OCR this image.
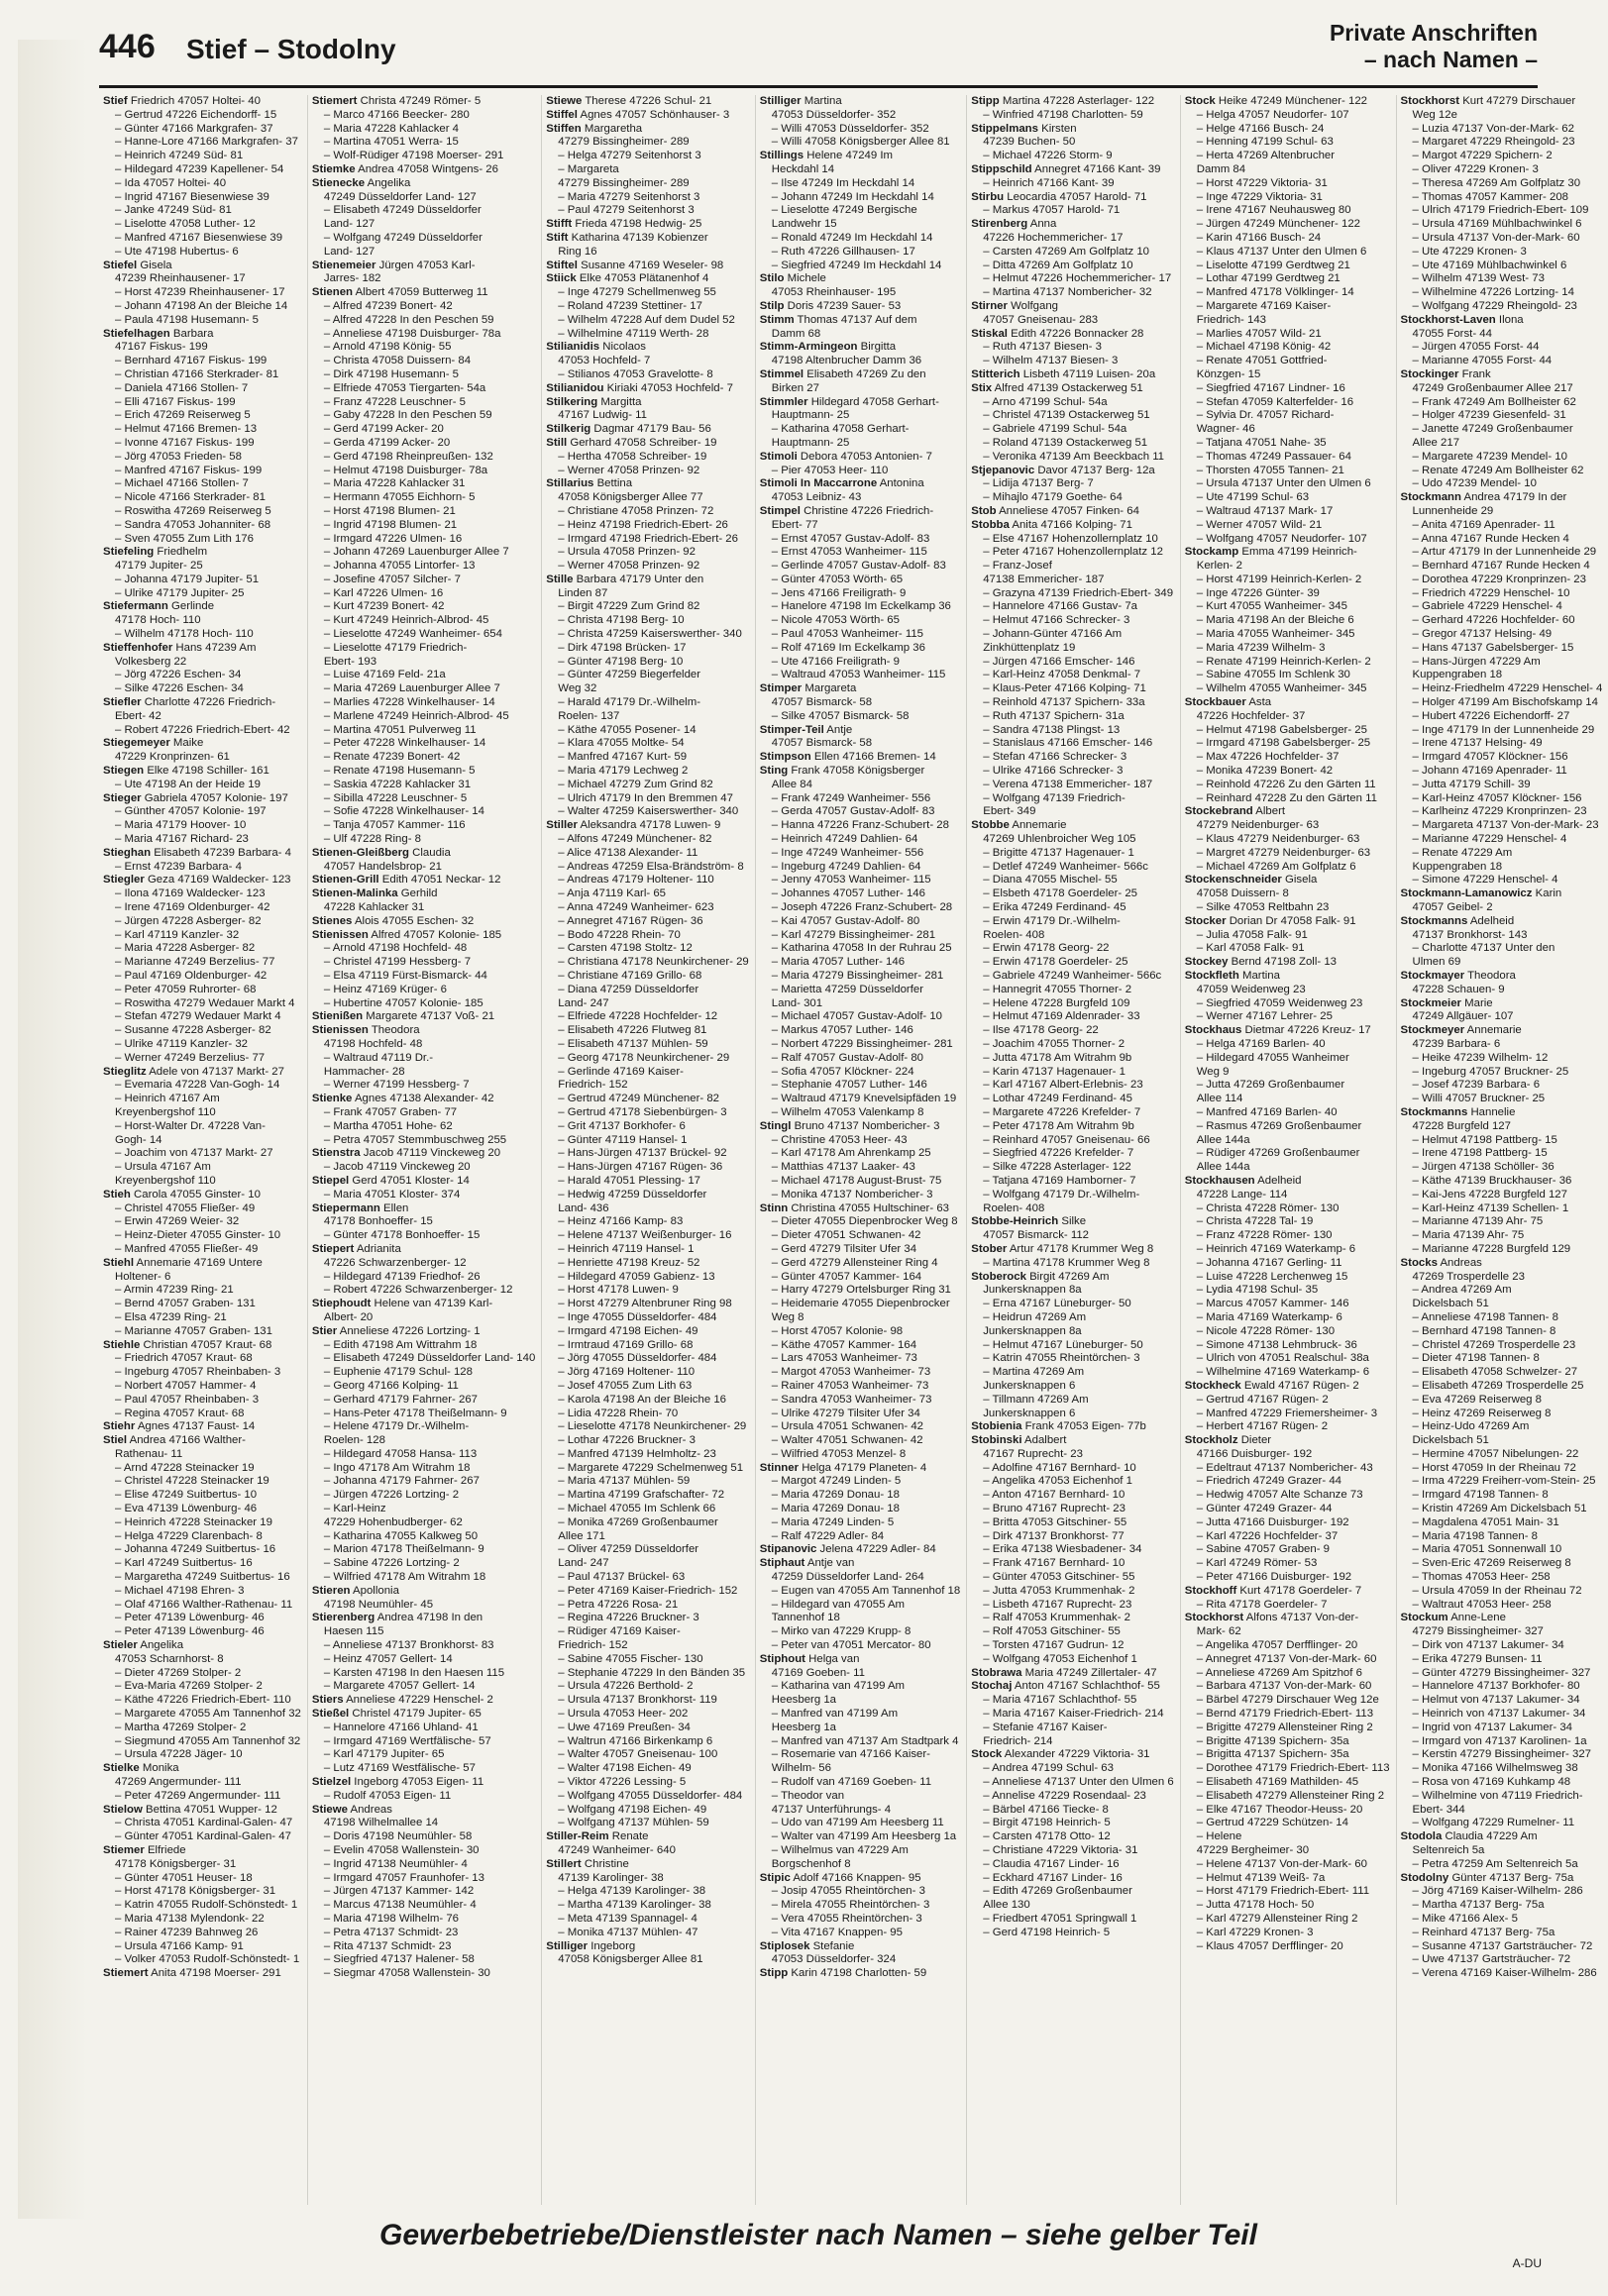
446 Stief – Stodolny
Private Anschriften
– nach Namen –
Stief Friedrich 47057 Holtei- 40
– Gertrud 47226 Eichendorff- 15
– Günter 47166 Markgrafen- 37
– Hanne-Lore 47166 Markgrafen- 37
– Heinrich 47249 Süd- 81
– Hildegard 47239 Kapellener- 54
– Ida 47057 Holtei- 40
– Ingrid 47167 Biesenwiese 39
– Janke 47249 Süd- 81
– Liselotte 47058 Luther- 12
– Manfred 47167 Biesenwiese 39
– Ute 47198 Hubertus- 6
Stiefel Gisela
47239 Rheinhausener- 17
– Horst 47239 Rheinhausener- 17
– Johann 47198 An der Bleiche 14
– Paula 47198 Husemann- 5
Stiefelhagen Barbara
47167 Fiskus- 199
– Bernhard 47167 Fiskus- 199
– Christian 47166 Sterkrader- 81
– Daniela 47166 Stollen- 7
– Elli 47167 Fiskus- 199
– Erich 47269 Reiserweg 5
– Helmut 47166 Bremen- 13
– Ivonne 47167 Fiskus- 199
– Jörg 47053 Frieden- 58
– Manfred 47167 Fiskus- 199
– Michael 47166 Stollen- 7
– Nicole 47166 Sterkrader- 81
– Roswitha 47269 Reiserweg 5
– Sandra 47053 Johanniter- 68
– Sven 47055 Zum Lith 176
Stiefeling Friedhelm
47179 Jupiter- 25
– Johanna 47179 Jupiter- 51
– Ulrike 47179 Jupiter- 25
Stiefermann Gerlinde
47178 Hoch- 110
– Wilhelm 47178 Hoch- 110
Stieffenhofer Hans 47239 Am
Volkesberg 22
– Jörg 47226 Eschen- 34
– Silke 47226 Eschen- 34
Stiefler Charlotte 47226 Friedrich-
Ebert- 42
– Robert 47226 Friedrich-Ebert- 42
Stiegemeyer Maike
47229 Kronprinzen- 61
Stiegen Elke 47198 Schiller- 161
– Ute 47198 An der Heide 19
Stieger Gabriela 47057 Kolonie- 197
– Günther 47057 Kolonie- 197
– Maria 47179 Hoover- 10
– Maria 47167 Richard- 23
Stieghan Elisabeth 47239 Barbara- 4
– Ernst 47239 Barbara- 4
Stiegler Geza 47169 Waldecker- 123
– Ilona 47169 Waldecker- 123
– Irene 47169 Oldenburger- 42
– Jürgen 47228 Asberger- 82
– Karl 47119 Kanzler- 32
– Maria 47228 Asberger- 82
– Marianne 47249 Berzelius- 77
– Paul 47169 Oldenburger- 42
– Peter 47059 Ruhrorter- 68
– Roswitha 47279 Wedauer Markt 4
– Stefan 47279 Wedauer Markt 4
– Susanne 47228 Asberger- 82
– Ulrike 47119 Kanzler- 32
– Werner 47249 Berzelius- 77
Stieglitz Adele von 47137 Markt- 27
– Evemaria 47228 Van-Gogh- 14
– Heinrich 47167 Am
Kreyenbergshof 110
– Horst-Walter Dr. 47228 Van-
Gogh- 14
– Joachim von 47137 Markt- 27
– Ursula 47167 Am
Kreyenbergshof 110
Stieh Carola 47055 Ginster- 10
– Christel 47055 Fließer- 49
– Erwin 47269 Weier- 32
– Heinz-Dieter 47055 Ginster- 10
– Manfred 47055 Fließer- 49
Stiehl Annemarie 47169 Untere
Holtener- 6
– Armin 47239 Ring- 21
– Bernd 47057 Graben- 131
– Elsa 47239 Ring- 21
– Marianne 47057 Graben- 131
Stiehle Christian 47057 Kraut- 68
– Friedrich 47057 Kraut- 68
– Ingeburg 47057 Rheinbaben- 3
– Norbert 47057 Hammer- 4
– Paul 47057 Rheinbaben- 3
– Regina 47057 Kraut- 68
Stiehr Agnes 47137 Faust- 14
Stiel Andrea 47166 Walther-
Rathenau- 11
– Arnd 47228 Steinacker 19
– Christel 47228 Steinacker 19
– Elise 47249 Suitbertus- 10
– Eva 47139 Löwenburg- 46
– Heinrich 47228 Steinacker 19
– Helga 47229 Clarenbach- 8
– Johanna 47249 Suitbertus- 16
– Karl 47249 Suitbertus- 16
– Margaretha 47249 Suitbertus- 16
– Michael 47198 Ehren- 3
– Olaf 47166 Walther-Rathenau- 11
– Peter 47139 Löwenburg- 46
– Peter 47139 Löwenburg- 46
Stieler Angelika
47053 Scharnhorst- 8
– Dieter 47269 Stolper- 2
– Eva-Maria 47269 Stolper- 2
– Käthe 47226 Friedrich-Ebert- 110
– Margarete 47055 Am Tannenhof 32
– Martha 47269 Stolper- 2
– Siegmund 47055 Am Tannenhof 32
– Ursula 47228 Jäger- 10
Stielke Monika
47269 Angermunder- 111
– Peter 47269 Angermunder- 111
Stielow Bettina 47051 Wupper- 12
– Christa 47051 Kardinal-Galen- 47
– Günter 47051 Kardinal-Galen- 47
Stiemer Elfriede
47178 Königsberger- 31
– Günter 47051 Heuser- 18
– Horst 47178 Königsberger- 31
– Katrin 47055 Rudolf-Schönstedt- 1
– Maria 47138 Mylendonk- 22
– Rainer 47239 Bahnweg 26
– Ursula 47166 Kamp- 91
– Volker 47053 Rudolf-Schönstedt- 1
Stiemert Anita 47198 Moerser- 291
Stiemert Christa 47249 Römer- 5
– Marco 47166 Beecker- 280
– Maria 47228 Kahlacker 4
– Martina 47051 Werra- 15
– Wolf-Rüdiger 47198 Moerser- 291
Stiemke Andrea 47058 Wintgens- 26
Stienecke Angelika
47249 Düsseldorfer Land- 127
– Elisabeth 47249 Düsseldorfer
Land- 127
– Wolfgang 47249 Düsseldorfer
Land- 127
Stienemeier Jürgen 47053 Karl-
Jarres- 182
Stienen Albert 47059 Butterweg 11
– Alfred 47239 Bonert- 42
– Alfred 47228 In den Peschen 59
– Anneliese 47198 Duisburger- 78a
– Arnold 47198 König- 55
– Christa 47058 Duissern- 84
– Dirk 47198 Husemann- 5
– Elfriede 47053 Tiergarten- 54a
– Franz 47228 Leuschner- 5
– Gaby 47228 In den Peschen 59
– Gerd 47199 Acker- 20
– Gerda 47199 Acker- 20
– Gerd 47198 Rheinpreußen- 132
– Helmut 47198 Duisburger- 78a
– Maria 47228 Kahlacker 31
– Hermann 47055 Eichhorn- 5
– Horst 47198 Blumen- 21
– Ingrid 47198 Blumen- 21
– Irmgard 47226 Ulmen- 16
– Johann 47269 Lauenburger Allee 7
– Johanna 47055 Lintorfer- 13
– Josefine 47057 Silcher- 7
– Karl 47226 Ulmen- 16
– Kurt 47239 Bonert- 42
– Kurt 47249 Heinrich-Albrod- 45
– Lieselotte 47249 Wanheimer- 654
– Lieselotte 47179 Friedrich-
Ebert- 193
– Luise 47169 Feld- 21a
– Maria 47269 Lauenburger Allee 7
– Marlies 47228 Winkelhauser- 14
– Marlene 47249 Heinrich-Albrod- 45
– Martina 47051 Pulverweg 11
– Peter 47228 Winkelhauser- 14
– Renate 47239 Bonert- 42
– Renate 47198 Husemann- 5
– Saskia 47228 Kahlacker 31
– Sibilla 47228 Leuschner- 5
– Sofie 47228 Winkelhauser- 14
– Tanja 47057 Kammer- 116
– Ulf 47228 Ring- 8
Stienen-Gleißberg Claudia
47057 Handelsbrop- 21
Stienen-Grill Edith 47051 Neckar- 12
Stienen-Malinka Gerhild
47228 Kahlacker 31
Stienes Alois 47055 Eschen- 32
Stienissen Alfred 47057 Kolonie- 185
– Arnold 47198 Hochfeld- 48
– Christel 47199 Hessberg- 7
– Elsa 47119 Fürst-Bismarck- 44
– Heinz 47169 Krüger- 6
– Hubertine 47057 Kolonie- 185
Stienißen Margarete 47137 Voß- 21
Stienissen Theodora
47198 Hochfeld- 48
– Waltraud 47119 Dr.-
Hammacher- 28
– Werner 47199 Hessberg- 7
Stienke Agnes 47138 Alexander- 42
– Frank 47057 Graben- 77
– Martha 47051 Hohe- 62
– Petra 47057 Stemmbuschweg 255
Stienstra Jacob 47119 Vinckeweg 20
– Jacob 47119 Vinckeweg 20
Stiepel Gerd 47051 Kloster- 14
– Maria 47051 Kloster- 374
Stiepermann Ellen
47178 Bonhoeffer- 15
– Günter 47178 Bonhoeffer- 15
Stiepert Adrianita
47226 Schwarzenberger- 12
– Hildegard 47139 Friedhof- 26
– Robert 47226 Schwarzenberger- 12
Stiephoudt Helene van 47139 Karl-
Albert- 20
Stier Anneliese 47226 Lortzing- 1
– Edith 47198 Am Wittrahm 18
– Elisabeth 47249 Düsseldorfer Land- 140
– Euphenie 47179 Schul- 128
– Georg 47166 Kolping- 11
– Gerhard 47179 Fahrner- 267
– Hans-Peter 47178 Theißelmann- 9
– Helene 47179 Dr.-Wilhelm-
Roelen- 128
– Hildegard 47058 Hansa- 113
– Ingo 47178 Am Witrahm 18
– Johanna 47179 Fahrner- 267
– Jürgen 47226 Lortzing- 2
– Karl-Heinz
47229 Hohenbudberger- 62
– Katharina 47055 Kalkweg 50
– Marion 47178 Theißelmann- 9
– Sabine 47226 Lortzing- 2
– Wilfried 47178 Am Witrahm 18
Stieren Apollonia
47198 Neumühler- 45
Stierenberg Andrea 47198 In den
Haesen 115
– Anneliese 47137 Bronkhorst- 83
– Heinz 47057 Gellert- 14
– Karsten 47198 In den Haesen 115
– Margarete 47057 Gellert- 14
Stiers Anneliese 47229 Henschel- 2
Stießel Christel 47179 Jupiter- 65
– Hannelore 47166 Uhland- 41
– Irmgard 47169 Wertfälische- 57
– Karl 47179 Jupiter- 65
– Lutz 47169 Westfälische- 57
Stielzel Ingeborg 47053 Eigen- 11
– Rudolf 47053 Eigen- 11
Stiewe Andreas
47198 Wilhelmallee 14
– Doris 47198 Neumühler- 58
– Evelin 47058 Wallenstein- 30
– Ingrid 47138 Neumühler- 4
– Irmgard 47057 Fraunhofer- 13
– Jürgen 47137 Kammer- 142
– Marcus 47138 Neumühler- 4
– Maria 47198 Wilhelm- 76
– Petra 47137 Schmidt- 23
– Rita 47137 Schmidt- 23
– Siegfried 47137 Halener- 58
– Siegmar 47058 Wallenstein- 30
Stiewe Therese 47226 Schul- 21
Stiffel Agnes 47057 Schönhauser- 3
Stiffen Margaretha
47279 Bissingheimer- 289
– Helga 47279 Seitenhorst 3
– Margareta
47279 Bissingheimer- 289
– Maria 47279 Seitenhorst 3
– Paul 47279 Seitenhorst 3
Stifft Frieda 47198 Hedwig- 25
Stift Katharina 47139 Kobienzer
Ring 16
Stiftel Susanne 47169 Weseler- 98
Stiick Elke 47053 Plätanenhof 4
– Inge 47279 Schellmenweg 55
– Roland 47239 Stettiner- 17
– Wilhelm 47228 Auf dem Dudel 52
– Wilhelmine 47119 Werth- 28
Stilianidis Nicolaos
47053 Hochfeld- 7
– Stilianos 47053 Gravelotte- 8
Stilianidou Kiriaki 47053 Hochfeld- 7
Stilkering Margitta
47167 Ludwig- 11
Stilkerig Dagmar 47179 Bau- 56
Still Gerhard 47058 Schreiber- 19
– Hertha 47058 Schreiber- 19
– Werner 47058 Prinzen- 92
Stillarius Bettina
47058 Königsberger Allee 77
– Christiane 47058 Prinzen- 72
– Heinz 47198 Friedrich-Ebert- 26
– Irmgard 47198 Friedrich-Ebert- 26
– Ursula 47058 Prinzen- 92
– Werner 47058 Prinzen- 92
Stille Barbara 47179 Unter den
Linden 87
– Birgit 47229 Zum Grind 82
– Christa 47198 Berg- 10
– Christa 47259 Kaiserswerther- 340
– Dirk 47198 Brücken- 17
– Günter 47198 Berg- 10
– Günter 47259 Biegerfelder
Weg 32
– Harald 47179 Dr.-Wilhelm-
Roelen- 137
– Käthe 47055 Posener- 14
– Klara 47055 Moltke- 54
– Manfred 47167 Kurt- 59
– Maria 47179 Lechweg 2
– Michael 47279 Zum Grind 82
– Ulrich 47179 In den Bremmen 47
– Walter 47259 Kaiserswerther- 340
Stiller Aleksandra 47178 Luwen- 9
– Alfons 47249 Münchener- 82
– Alice 47138 Alexander- 11
– Andreas 47259 Elsa-Brändström- 8
– Andreas 47179 Holtener- 110
– Anja 47119 Karl- 65
– Anna 47249 Wanheimer- 623
– Annegret 47167 Rügen- 36
– Bodo 47228 Rhein- 70
– Carsten 47198 Stoltz- 12
– Christiana 47178 Neunkirchener- 29
– Christiane 47169 Grillo- 68
– Diana 47259 Düsseldorfer
Land- 247
– Elfriede 47228 Hochfelder- 12
– Elisabeth 47226 Flutweg 81
– Elisabeth 47137 Mühlen- 59
– Georg 47178 Neunkirchener- 29
– Gerlinde 47169 Kaiser-
Friedrich- 152
– Gertrud 47249 Münchener- 82
– Gertrud 47178 Siebenbürgen- 3
– Grit 47137 Borkhofer- 6
– Günter 47119 Hansel- 1
– Hans-Jürgen 47137 Brückel- 92
– Hans-Jürgen 47167 Rügen- 36
– Harald 47051 Plessing- 17
– Hedwig 47259 Düsseldorfer
Land- 436
– Heinz 47166 Kamp- 83
– Helene 47137 Weißenburger- 16
– Heinrich 47119 Hansel- 1
– Henriette 47198 Kreuz- 52
– Hildegard 47059 Gabienz- 13
– Horst 47178 Luwen- 9
– Horst 47279 Altenbruner Ring 98
– Inge 47055 Düsseldorfer- 484
– Irmgard 47198 Eichen- 49
– Irmtraud 47169 Grillo- 68
– Jörg 47055 Düsseldorfer- 484
– Jörg 47169 Holtener- 110
– Josef 47055 Zum Lith 63
– Karola 47198 An der Bleiche 16
– Lidia 47228 Rhein- 70
– Lieselotte 47178 Neunkirchener- 29
– Lothar 47226 Bruckner- 3
– Manfred 47139 Helmholtz- 23
– Margarete 47229 Schelmenweg 51
– Maria 47137 Mühlen- 59
– Martina 47199 Grafschafter- 72
– Michael 47055 Im Schlenk 66
– Monika 47269 Großenbaumer
Allee 171
– Oliver 47259 Düsseldorfer
Land- 247
– Paul 47137 Brückel- 63
– Peter 47169 Kaiser-Friedrich- 152
– Petra 47226 Rosa- 21
– Regina 47226 Bruckner- 3
– Rüdiger 47169 Kaiser-
Friedrich- 152
– Sabine 47055 Fischer- 130
– Stephanie 47229 In den Bänden 35
– Ursula 47226 Berthold- 2
– Ursula 47137 Bronkhorst- 119
– Ursula 47053 Heer- 202
– Uwe 47169 Preußen- 34
– Waltrun 47166 Birkenkamp 6
– Walter 47057 Gneisenau- 100
– Walter 47198 Eichen- 49
– Viktor 47226 Lessing- 5
– Wolfgang 47055 Düsseldorfer- 484
– Wolfgang 47198 Eichen- 49
– Wolfgang 47137 Mühlen- 59
Stiller-Reim Renate
47249 Wanheimer- 640
Stillert Christine
47139 Karolinger- 38
– Helga 47139 Karolinger- 38
– Martha 47139 Karolinger- 38
– Meta 47139 Spannagel- 4
– Monika 47137 Mühlen- 47
Stilliger Ingeborg
47058 Königsberger Allee 81
Stilliger Martina
47053 Düsseldorfer- 352
– Willi 47053 Düsseldorfer- 352
– Willi 47058 Königsberger Allee 81
Stillings Helene 47249 Im
Heckdahl 14
– Ilse 47249 Im Heckdahl 14
– Johann 47249 Im Heckdahl 14
– Lieselotte 47249 Bergische
Landwehr 15
– Ronald 47249 Im Heckdahl 14
– Ruth 47226 Gillhausen- 17
– Siegfried 47249 Im Heckdahl 14
Stilo Michele
47053 Rheinhauser- 195
Stilp Doris 47239 Sauer- 53
Stimm Thomas 47137 Auf dem
Damm 68
Stimm-Armingeon Birgitta
47198 Altenbrucher Damm 36
Stimmel Elisabeth 47269 Zu den
Birken 27
Stimmler Hildegard 47058 Gerhart-
Hauptmann- 25
– Katharina 47058 Gerhart-
Hauptmann- 25
Stimoli Debora 47053 Antonien- 7
– Pier 47053 Heer- 110
Stimoli In Maccarrone Antonina
47053 Leibniz- 43
Stimpel Christine 47226 Friedrich-
Ebert- 77
– Ernst 47057 Gustav-Adolf- 83
– Ernst 47053 Wanheimer- 115
– Gerlinde 47057 Gustav-Adolf- 83
– Günter 47053 Wörth- 65
– Jens 47166 Freiligrath- 9
– Hanelore 47198 Im Eckelkamp 36
– Nicole 47053 Wörth- 65
– Paul 47053 Wanheimer- 115
– Rolf 47169 Im Eckelkamp 36
– Ute 47166 Freiligrath- 9
– Waltraud 47053 Wanheimer- 115
Stimper Margareta
47057 Bismarck- 58
– Silke 47057 Bismarck- 58
Stimper-Teil Antje
47057 Bismarck- 58
Stimpson Ellen 47166 Bremen- 14
Sting Frank 47058 Königsberger
Allee 84
– Frank 47249 Wanheimer- 556
– Gerda 47057 Gustav-Adolf- 83
– Hanna 47226 Franz-Schubert- 28
– Heinrich 47249 Dahlien- 64
– Inge 47249 Wanheimer- 556
– Ingeburg 47249 Dahlien- 64
– Jenny 47053 Wanheimer- 115
– Johannes 47057 Luther- 146
– Joseph 47226 Franz-Schubert- 28
– Kai 47057 Gustav-Adolf- 80
– Karl 47279 Bissingheimer- 281
– Katharina 47058 In der Ruhrau 25
– Maria 47057 Luther- 146
– Maria 47279 Bissingheimer- 281
– Marietta 47259 Düsseldorfer
Land- 301
– Michael 47057 Gustav-Adolf- 10
– Markus 47057 Luther- 146
– Norbert 47229 Bissingheimer- 281
– Ralf 47057 Gustav-Adolf- 80
– Sofia 47057 Klöckner- 224
– Stephanie 47057 Luther- 146
– Waltraud 47179 Knevelsipfäden 19
– Wilhelm 47053 Valenkamp 8
Stingl Bruno 47137 Nombericher- 3
– Christine 47053 Heer- 43
– Karl 47178 Am Ahrenkamp 25
– Matthias 47137 Laaker- 43
– Michael 47178 August-Brust- 75
– Monika 47137 Nombericher- 3
Stinn Christina 47055 Hultschiner- 63
– Dieter 47055 Diepenbrocker Weg 8
– Dieter 47051 Schwanen- 42
– Gerd 47279 Tilsiter Ufer 34
– Gerd 47279 Allensteiner Ring 4
– Günter 47057 Kammer- 164
– Harry 47279 Ortelsburger Ring 31
– Heidemarie 47055 Diepenbrocker
Weg 8
– Horst 47057 Kolonie- 98
– Käthe 47057 Kammer- 164
– Lars 47053 Wanheimer- 73
– Margot 47053 Wanheimer- 73
– Rainer 47053 Wanheimer- 73
– Sandra 47053 Wanheimer- 73
– Ulrike 47279 Tilsiter Ufer 34
– Ursula 47051 Schwanen- 42
– Walter 47051 Schwanen- 42
– Wilfried 47053 Menzel- 8
Stinner Helga 47179 Planeten- 4
– Margot 47249 Linden- 5
– Maria 47269 Donau- 18
– Maria 47269 Donau- 18
– Maria 47249 Linden- 5
– Ralf 47229 Adler- 84
Stipanovic Jelena 47229 Adler- 84
Stiphaut Antje van
47259 Düsseldorfer Land- 264
– Eugen van 47055 Am Tannenhof 18
– Hildegard van 47055 Am
Tannenhof 18
– Mirko van 47229 Krupp- 8
– Peter van 47051 Mercator- 80
Stiphout Helga van
47169 Goeben- 11
– Katharina van 47199 Am
Heesberg 1a
– Manfred van 47199 Am
Heesberg 1a
– Manfred van 47137 Am Stadtpark 4
– Rosemarie van 47166 Kaiser-
Wilhelm- 56
– Rudolf van 47169 Goeben- 11
– Theodor van
47137 Unterführungs- 4
– Udo van 47199 Am Heesberg 11
– Walter van 47199 Am Heesberg 1a
– Wilhelmus van 47229 Am
Borgschenhof 8
Stipic Adolf 47166 Knappen- 95
– Josip 47055 Rheintörchen- 3
– Mirela 47055 Rheintörchen- 3
– Vera 47055 Rheintörchen- 3
– Vita 47167 Knappen- 95
Stiplosek Stefanie
47053 Düsseldorfer- 324
Stipp Karin 47198 Charlotten- 59
Stipp Martina 47228 Asterlager- 122
– Winfried 47198 Charlotten- 59
Stippelmans Kirsten
47239 Buchen- 50
– Michael 47226 Storm- 9
Stippschild Annegret 47166 Kant- 39
– Heinrich 47166 Kant- 39
Stirbu Leocardia 47057 Harold- 71
– Markus 47057 Harold- 71
Stirenberg Anna
47226 Hochemmericher- 17
– Carsten 47269 Am Golfplatz 10
– Ditta 47269 Am Golfplatz 10
– Helmut 47226 Hochemmericher- 17
– Martina 47137 Nombericher- 32
Stirner Wolfgang
47057 Gneisenau- 283
Stiskal Edith 47226 Bonnacker 28
– Ruth 47137 Biesen- 3
– Wilhelm 47137 Biesen- 3
Stitterich Lisbeth 47119 Luisen- 20a
Stix Alfred 47139 Ostackerweg 51
– Arno 47199 Schul- 54a
– Christel 47139 Ostackerweg 51
– Gabriele 47199 Schul- 54a
– Roland 47139 Ostackerweg 51
– Veronika 47139 Am Beeckbach 11
Stjepanovic Davor 47137 Berg- 12a
– Lidija 47137 Berg- 7
– Mihajlo 47179 Goethe- 64
Stob Anneliese 47057 Finken- 64
Stobba Anita 47166 Kolping- 71
– Else 47167 Hohenzollernplatz 10
– Peter 47167 Hohenzollernplatz 12
– Franz-Josef
47138 Emmericher- 187
– Grazyna 47139 Friedrich-Ebert- 349
– Hannelore 47166 Gustav- 7a
– Helmut 47166 Schrecker- 3
– Johann-Günter 47166 Am
Zinkhüttenplatz 19
– Jürgen 47166 Emscher- 146
– Karl-Heinz 47058 Denkmal- 7
– Klaus-Peter 47166 Kolping- 71
– Reinhold 47137 Spichern- 33a
– Ruth 47137 Spichern- 31a
– Sandra 47138 Plingst- 13
– Stanislaus 47166 Emscher- 146
– Stefan 47166 Schrecker- 3
– Ulrike 47166 Schrecker- 3
– Verena 47138 Emmericher- 187
– Wolfgang 47139 Friedrich-
Ebert- 349
Stobbe Annemarie
47269 Uhlenbroicher Weg 105
– Brigitte 47137 Hagenauer- 1
– Detlef 47249 Wanheimer- 566c
– Diana 47055 Mischel- 55
– Elsbeth 47178 Goerdeler- 25
– Erika 47249 Ferdinand- 45
– Erwin 47179 Dr.-Wilhelm-
Roelen- 408
– Erwin 47178 Georg- 22
– Erwin 47178 Goerdeler- 25
– Gabriele 47249 Wanheimer- 566c
– Hannegrit 47055 Thorner- 2
– Helene 47228 Burgfeld 109
– Helmut 47169 Aldenrader- 33
– Ilse 47178 Georg- 22
– Joachim 47055 Thorner- 2
– Jutta 47178 Am Witrahm 9b
– Karin 47137 Hagenauer- 1
– Karl 47167 Albert-Erlebnis- 23
– Lothar 47249 Ferdinand- 45
– Margarete 47226 Krefelder- 7
– Peter 47178 Am Witrahm 9b
– Reinhard 47057 Gneisenau- 66
– Siegfried 47226 Krefelder- 7
– Silke 47228 Asterlager- 122
– Tatjana 47169 Hamborner- 7
– Wolfgang 47179 Dr.-Wilhelm-
Roelen- 408
Stobbe-Heinrich Silke
47057 Bismarck- 112
Stober Artur 47178 Krummer Weg 8
– Martina 47178 Krummer Weg 8
Stoberock Birgit 47269 Am
Junkersknappen 8a
– Erna 47167 Lüneburger- 50
– Heidrun 47269 Am
Junkersknappen 8a
– Helmut 47167 Lüneburger- 50
– Katrin 47055 Rheintörchen- 3
– Martina 47269 Am
Junkersknappen 6
– Tillmann 47269 Am
Junkersknappen 6
Stobienia Frank 47053 Eigen- 77b
Stobinski Adalbert
47167 Ruprecht- 23
– Adolfine 47167 Bernhard- 10
– Angelika 47053 Eichenhof 1
– Anton 47167 Bernhard- 10
– Bruno 47167 Ruprecht- 23
– Britta 47053 Gitschiner- 55
– Dirk 47137 Bronkhorst- 77
– Erika 47138 Wiesbadener- 34
– Frank 47167 Bernhard- 10
– Günter 47053 Gitschiner- 55
– Jutta 47053 Krummenhak- 2
– Lisbeth 47167 Ruprecht- 23
– Ralf 47053 Krummenhak- 2
– Rolf 47053 Gitschiner- 55
– Torsten 47167 Gudrun- 12
– Wolfgang 47053 Eichenhof 1
Stobrawa Maria 47249 Zillertaler- 47
Stochaj Anton 47167 Schlachthof- 55
– Maria 47167 Schlachthof- 55
– Maria 47167 Kaiser-Friedrich- 214
– Stefanie 47167 Kaiser-
Friedrich- 214
Stock Alexander 47229 Viktoria- 31
– Andrea 47199 Schul- 63
– Anneliese 47137 Unter den Ulmen 6
– Annelise 47229 Rosendaal- 23
– Bärbel 47166 Tiecke- 8
– Birgit 47198 Heinrich- 5
– Carsten 47178 Otto- 12
– Christiane 47229 Viktoria- 31
– Claudia 47167 Linder- 16
– Eckhard 47167 Linder- 16
– Edith 47269 Großenbaumer
Allee 130
– Friedbert 47051 Springwall 1
– Gerd 47198 Heinrich- 5
Stock Heike 47249 Münchener- 122
– Helga 47057 Neudorfer- 107
– Helge 47166 Busch- 24
– Henning 47199 Schul- 63
– Herta 47269 Altenbrucher
Damm 84
– Horst 47229 Viktoria- 31
– Inge 47229 Viktoria- 31
– Irene 47167 Neuhausweg 80
– Jürgen 47249 Münchener- 122
– Karin 47166 Busch- 24
– Klaus 47137 Unter den Ulmen 6
– Liselotte 47199 Gerdtweg 21
– Lothar 47199 Gerdtweg 21
– Manfred 47178 Völklinger- 14
– Margarete 47169 Kaiser-
Friedrich- 143
– Marlies 47057 Wild- 21
– Michael 47198 König- 42
– Renate 47051 Gottfried-
Könzgen- 15
– Siegfried 47167 Lindner- 16
– Stefan 47059 Kalterfelder- 16
– Sylvia Dr. 47057 Richard-
Wagner- 46
– Tatjana 47051 Nahe- 35
– Thomas 47249 Passauer- 64
– Thorsten 47055 Tannen- 21
– Ursula 47137 Unter den Ulmen 6
– Ute 47199 Schul- 63
– Waltraud 47137 Mark- 17
– Werner 47057 Wild- 21
– Wolfgang 47057 Neudorfer- 107
Stockamp Emma 47199 Heinrich-
Kerlen- 2
– Horst 47199 Heinrich-Kerlen- 2
– Inge 47226 Günter- 39
– Kurt 47055 Wanheimer- 345
– Maria 47198 An der Bleiche 6
– Maria 47055 Wanheimer- 345
– Maria 47239 Wilhelm- 3
– Renate 47199 Heinrich-Kerlen- 2
– Sabine 47055 Im Schlenk 30
– Wilhelm 47055 Wanheimer- 345
Stockbauer Asta
47226 Hochfelder- 37
– Helmut 47198 Gabelsberger- 25
– Irmgard 47198 Gabelsberger- 25
– Max 47226 Hochfelder- 37
– Monika 47239 Bonert- 42
– Reinhold 47226 Zu den Gärten 11
– Reinhard 47228 Zu den Gärten 11
Stockebrand Albert
47279 Neidenburger- 63
– Klaus 47279 Neidenburger- 63
– Margret 47279 Neidenburger- 63
– Michael 47269 Am Golfplatz 6
Stockenschneider Gisela
47058 Duissern- 8
– Silke 47053 Reltbahn 23
Stocker Dorian Dr 47058 Falk- 91
– Julia 47058 Falk- 91
– Karl 47058 Falk- 91
Stockey Bernd 47198 Zoll- 13
Stockfleth Martina
47059 Weidenweg 23
– Siegfried 47059 Weidenweg 23
– Werner 47167 Lehrer- 25
Stockhaus Dietmar 47226 Kreuz- 17
– Helga 47169 Barlen- 40
– Hildegard 47055 Wanheimer
Weg 9
– Jutta 47269 Großenbaumer
Allee 114
– Manfred 47169 Barlen- 40
– Rasmus 47269 Großenbaumer
Allee 144a
– Rüdiger 47269 Großenbaumer
Allee 144a
Stockhausen Adelheid
47228 Lange- 114
– Christa 47228 Römer- 130
– Christa 47228 Tal- 19
– Franz 47228 Römer- 130
– Heinrich 47169 Waterkamp- 6
– Johanna 47167 Gerling- 11
– Luise 47228 Lerchenweg 15
– Lydia 47198 Schul- 35
– Marcus 47057 Kammer- 146
– Maria 47169 Waterkamp- 6
– Nicole 47228 Römer- 130
– Simone 47138 Lehmbruck- 36
– Ulrich von 47051 Realschul- 38a
– Wilhelmine 47169 Waterkamp- 6
Stockheck Ewald 47167 Rügen- 2
– Gertrud 47167 Rügen- 2
– Manfred 47229 Friemersheimer- 3
– Herbert 47167 Rügen- 2
Stockholz Dieter
47166 Duisburger- 192
– Edeltraut 47137 Nombericher- 43
– Friedrich 47249 Grazer- 44
– Hedwig 47057 Alte Schanze 73
– Günter 47249 Grazer- 44
– Jutta 47166 Duisburger- 192
– Karl 47226 Hochfelder- 37
– Sabine 47057 Graben- 9
– Karl 47249 Römer- 53
– Peter 47166 Duisburger- 192
Stockhoff Kurt 47178 Goerdeler- 7
– Rita 47178 Goerdeler- 7
Stockhorst Alfons 47137 Von-der-
Mark- 62
– Angelika 47057 Derfflinger- 20
– Annegret 47137 Von-der-Mark- 60
– Anneliese 47269 Am Spitzhof 6
– Barbara 47137 Von-der-Mark- 60
– Bärbel 47279 Dirschauer Weg 12e
– Bernd 47179 Friedrich-Ebert- 113
– Brigitte 47279 Allensteiner Ring 2
– Brigitte 47139 Spichern- 35a
– Brigitta 47137 Spichern- 35a
– Dorothee 47179 Friedrich-Ebert- 113
– Elisabeth 47169 Mathilden- 45
– Elisabeth 47279 Allensteiner Ring 2
– Elke 47167 Theodor-Heuss- 20
– Gertrud 47229 Schützen- 14
– Helene
47229 Bergheimer- 30
– Helene 47137 Von-der-Mark- 60
– Helmut 47139 Weiß- 7a
– Horst 47179 Friedrich-Ebert- 111
– Jutta 47178 Hoch- 50
– Karl 47279 Allensteiner Ring 2
– Karl 47229 Kronen- 3
– Klaus 47057 Derfflinger- 20
Stockhorst Kurt 47279 Dirschauer
Weg 12e
– Luzia 47137 Von-der-Mark- 62
– Margaret 47229 Rheingold- 23
– Margot 47229 Spichern- 2
– Oliver 47229 Kronen- 3
– Theresa 47269 Am Golfplatz 30
– Thomas 47057 Kammer- 208
– Ulrich 47179 Friedrich-Ebert- 109
– Ursula 47169 Mühlbachwinkel 6
– Ursula 47137 Von-der-Mark- 60
– Ute 47229 Kronen- 3
– Ute 47169 Mühlbachwinkel 6
– Wilhelm 47139 West- 73
– Wilhelmine 47226 Lortzing- 14
– Wolfgang 47229 Rheingold- 23
Stockhorst-Laven Ilona
47055 Forst- 44
– Jürgen 47055 Forst- 44
– Marianne 47055 Forst- 44
Stockinger Frank
47249 Großenbaumer Allee 217
– Frank 47249 Am Bollheister 62
– Holger 47239 Giesenfeld- 31
– Janette 47249 Großenbaumer
Allee 217
– Margarete 47239 Mendel- 10
– Renate 47249 Am Bollheister 62
– Udo 47239 Mendel- 10
Stockmann Andrea 47179 In der
Lunnenheide 29
– Anita 47169 Apenrader- 11
– Anna 47167 Runde Hecken 4
– Artur 47179 In der Lunnenheide 29
– Bernhard 47167 Runde Hecken 4
– Dorothea 47229 Kronprinzen- 23
– Friedrich 47229 Henschel- 10
– Gabriele 47229 Henschel- 4
– Gerhard 47226 Hochfelder- 60
– Gregor 47137 Helsing- 49
– Hans 47137 Gabelsberger- 15
– Hans-Jürgen 47229 Am
Kuppengraben 18
– Heinz-Friedhelm 47229 Henschel- 4
– Holger 47199 Am Bischofskamp 14
– Hubert 47226 Eichendorff- 27
– Inge 47179 In der Lunnenheide 29
– Irene 47137 Helsing- 49
– Irmgard 47057 Klöckner- 156
– Johann 47169 Apenrader- 11
– Jutta 47179 Schill- 39
– Karl-Heinz 47057 Klöckner- 156
– Karlheinz 47229 Kronprinzen- 23
– Margareta 47137 Von-der-Mark- 23
– Marianne 47229 Henschel- 4
– Renate 47229 Am
Kuppengraben 18
– Simone 47229 Henschel- 4
Stockmann-Lamanowicz Karin
47057 Geibel- 2
Stockmanns Adelheid
47137 Bronkhorst- 143
– Charlotte 47137 Unter den
Ulmen 69
Stockmayer Theodora
47228 Schauen- 9
Stockmeier Marie
47249 Allgäuer- 107
Stockmeyer Annemarie
47239 Barbara- 6
– Heike 47239 Wilhelm- 12
– Ingeburg 47057 Bruckner- 25
– Josef 47239 Barbara- 6
– Willi 47057 Bruckner- 25
Stockmanns Hannelie
47228 Burgfeld 127
– Helmut 47198 Pattberg- 15
– Irene 47198 Pattberg- 15
– Jürgen 47138 Schöller- 36
– Käthe 47139 Bruckhauser- 36
– Kai-Jens 47228 Burgfeld 127
– Karl-Heinz 47139 Schellen- 1
– Marianne 47139 Ahr- 75
– Maria 47139 Ahr- 75
– Marianne 47228 Burgfeld 129
Stocks Andreas
47269 Trosperdelle 23
– Andrea 47269 Am
Dickelsbach 51
– Anneliese 47198 Tannen- 8
– Bernhard 47198 Tannen- 8
– Christel 47269 Trosperdelle 23
– Dieter 47198 Tannen- 8
– Elisabeth 47058 Schwelzer- 27
– Elisabeth 47269 Trosperdelle 25
– Eva 47269 Reiserweg 8
– Heinz 47269 Reiserweg 8
– Heinz-Udo 47269 Am
Dickelsbach 51
– Hermine 47057 Nibelungen- 22
– Horst 47059 In der Rheinau 72
– Irma 47229 Freiherr-vom-Stein- 25
– Irmgard 47198 Tannen- 8
– Kristin 47269 Am Dickelsbach 51
– Magdalena 47051 Main- 31
– Maria 47198 Tannen- 8
– Maria 47051 Sonnenwall 10
– Sven-Eric 47269 Reiserweg 8
– Thomas 47053 Heer- 258
– Ursula 47059 In der Rheinau 72
– Waltraut 47053 Heer- 258
Stockum Anne-Lene
47279 Bissingheimer- 327
– Dirk von 47137 Lakumer- 34
– Erika 47279 Bunsen- 11
– Günter 47279 Bissingheimer- 327
– Hannelore 47137 Borkhofer- 80
– Helmut von 47137 Lakumer- 34
– Heinrich von 47137 Lakumer- 34
– Ingrid von 47137 Lakumer- 34
– Irmgard von 47137 Karolinen- 1a
– Kerstin 47279 Bissingheimer- 327
– Monika 47166 Wilhelmsweg 38
– Rosa von 47169 Kuhkamp 48
– Wilhelmine von 47119 Friedrich-
Ebert- 344
– Wolfgang 47229 Rumelner- 11
Stodola Claudia 47229 Am
Seltenreich 5a
– Petra 47259 Am Seltenreich 5a
Stodolny Günter 47137 Berg- 75a
– Jörg 47169 Kaiser-Wilhelm- 286
– Martha 47137 Berg- 75a
– Mike 47166 Alex- 5
– Reinhard 47137 Berg- 75a
– Susanne 47137 Gartsträucher- 72
– Uwe 47137 Gartsträucher- 72
– Verena 47169 Kaiser-Wilhelm- 286
Gewerbebetriebe/Dienstleister nach Namen – siehe gelber Teil
A-DU
